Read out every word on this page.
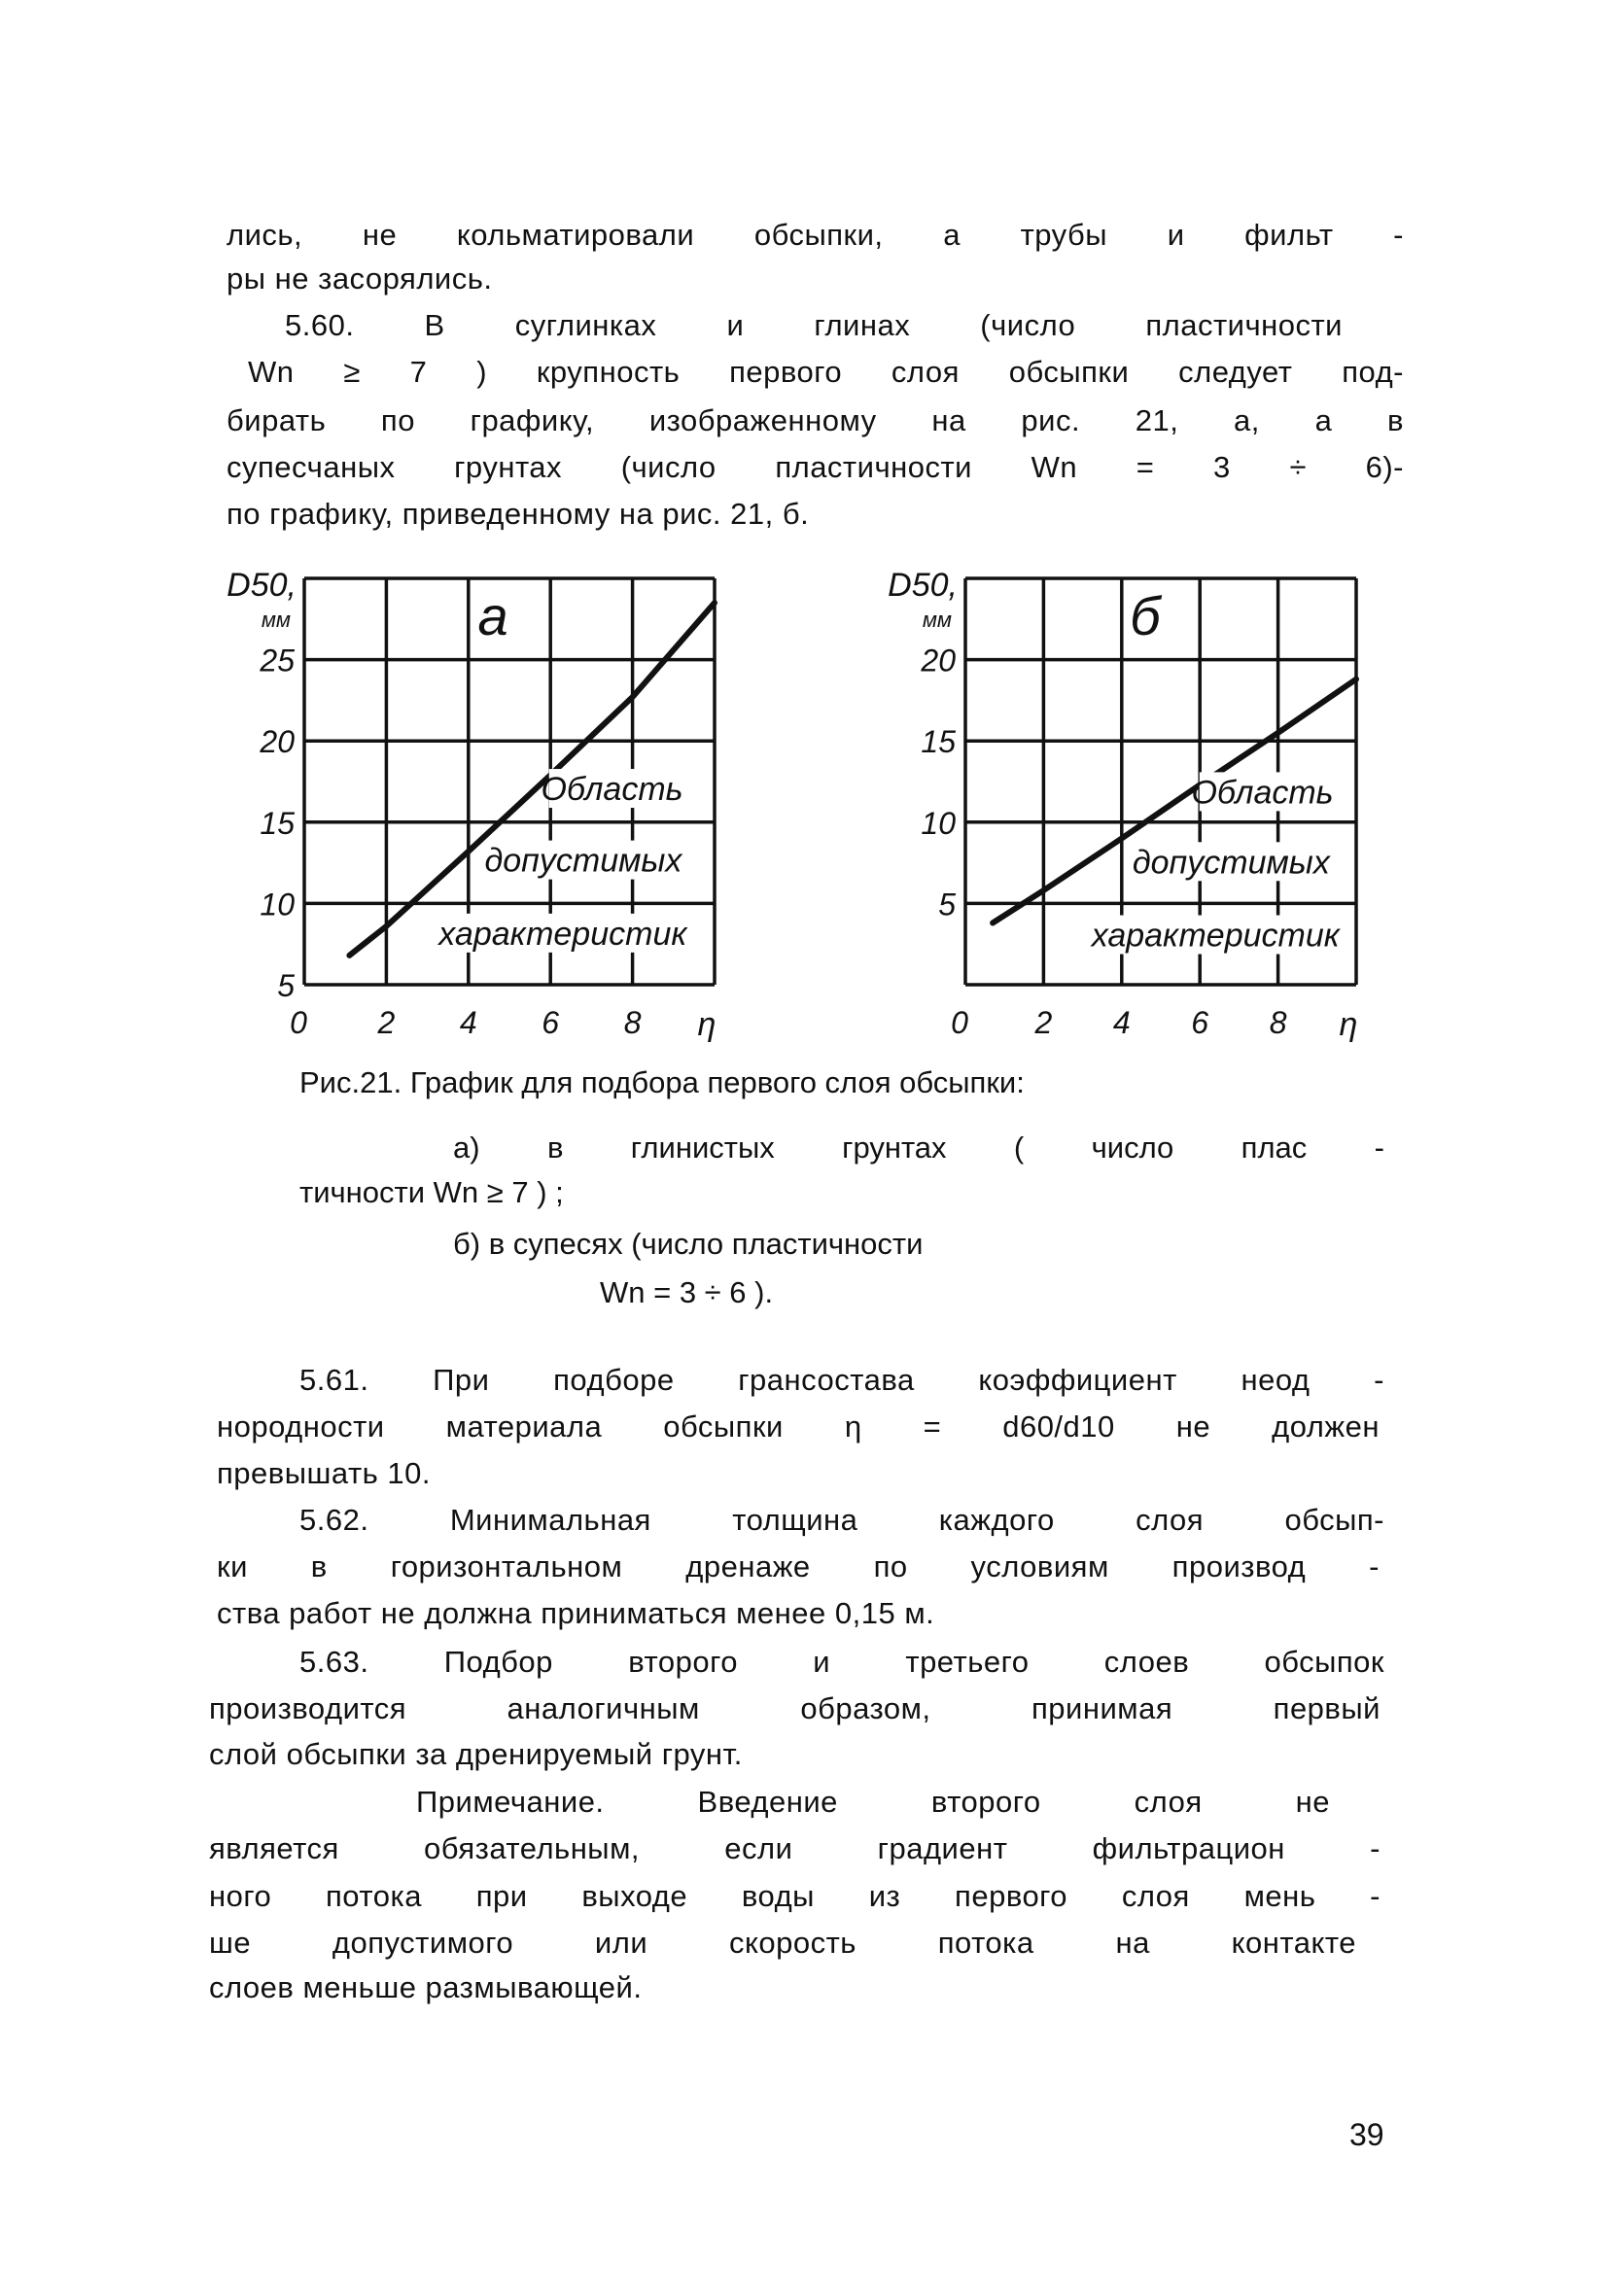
лись, не кольматировали обсыпки, а трубы и фильт -
ры не засорялись.
5.60. В суглинках и глинах (число пластичности
Wn ≥ 7 ) крупность первого слоя обсыпки следует под-
бирать по графику, изображенному на рис. 21, а, а в
супесчаных грунтах (число пластичности Wn = 3 ÷ 6)-
по графику, приведенному на рис. 21, б.
5
10
15
20
25
0 2 4 6 8 η
D50,
мм	а
Область
допустимых
характеристик
5
10
15
20
0 2 4 6 8 η
D50,
мм	б
Область
допустимых
характеристик
Рис.21. График для подбора первого слоя обсыпки:
а) в глинистых грунтах ( число плас -
тичности Wn ≥ 7 ) ;
б) в супесях (число пластичности
Wn = 3 ÷ 6 ).
5.61. При подборе грансостава коэффициент неод -
нородности материала обсыпки η = d60/d10 не должен
превышать 10.
5.62. Минимальная толщина каждого слоя обсып-
ки в горизонтальном дренаже по условиям производ -
ства работ не должна приниматься менее 0,15 м.
5.63. Подбор второго и третьего слоев обсыпок
производится аналогичным образом, принимая первый
слой обсыпки за дренируемый грунт.
Примечание. Введение второго слоя не
является обязательным, если градиент фильтрацион -
ного потока при выходе воды из первого слоя мень -
ше допустимого или скорость потока на контакте
слоев меньше размывающей.
39
